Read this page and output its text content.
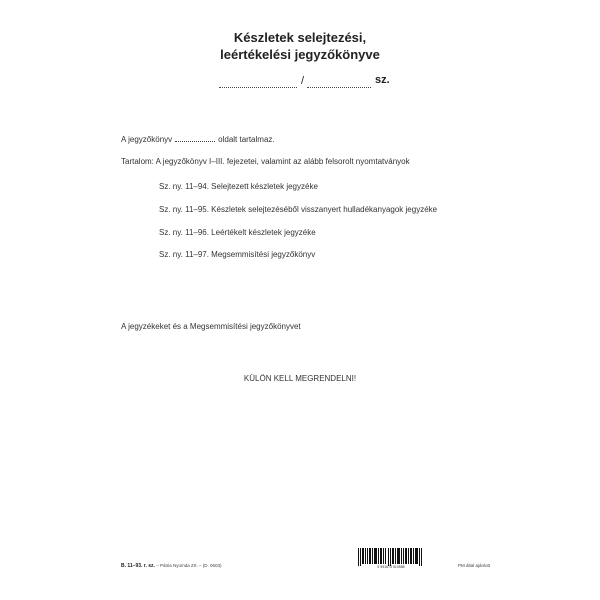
Készletek selejtezési,
leértékelési jegyzőkönyve
/	sz.
A jegyzőkönyv	oldalt tartalmaz.
Tartalom: A jegyzőkönyv I–III. fejezetei, valamint az alább felsorolt nyomtatványok
Sz. ny. 11–94. Selejtezett készletek jegyzéke
Sz. ny. 11–95. Készletek selejtezéséből visszanyert hulladékanyagok jegyzéke
Sz. ny. 11–96. Leértékelt készletek jegyzéke
Sz. ny. 11–97. Megsemmisítési jegyzőkönyv
A jegyzékeket és a Megsemmisítési jegyzőkönyvet
KÜLÖN KELL MEGRENDELNI!
B. 11–93. r. sz. – Pátria Nyomda Zrt. – (D. 0603)	5 991674 510588	PM által ajánlott
